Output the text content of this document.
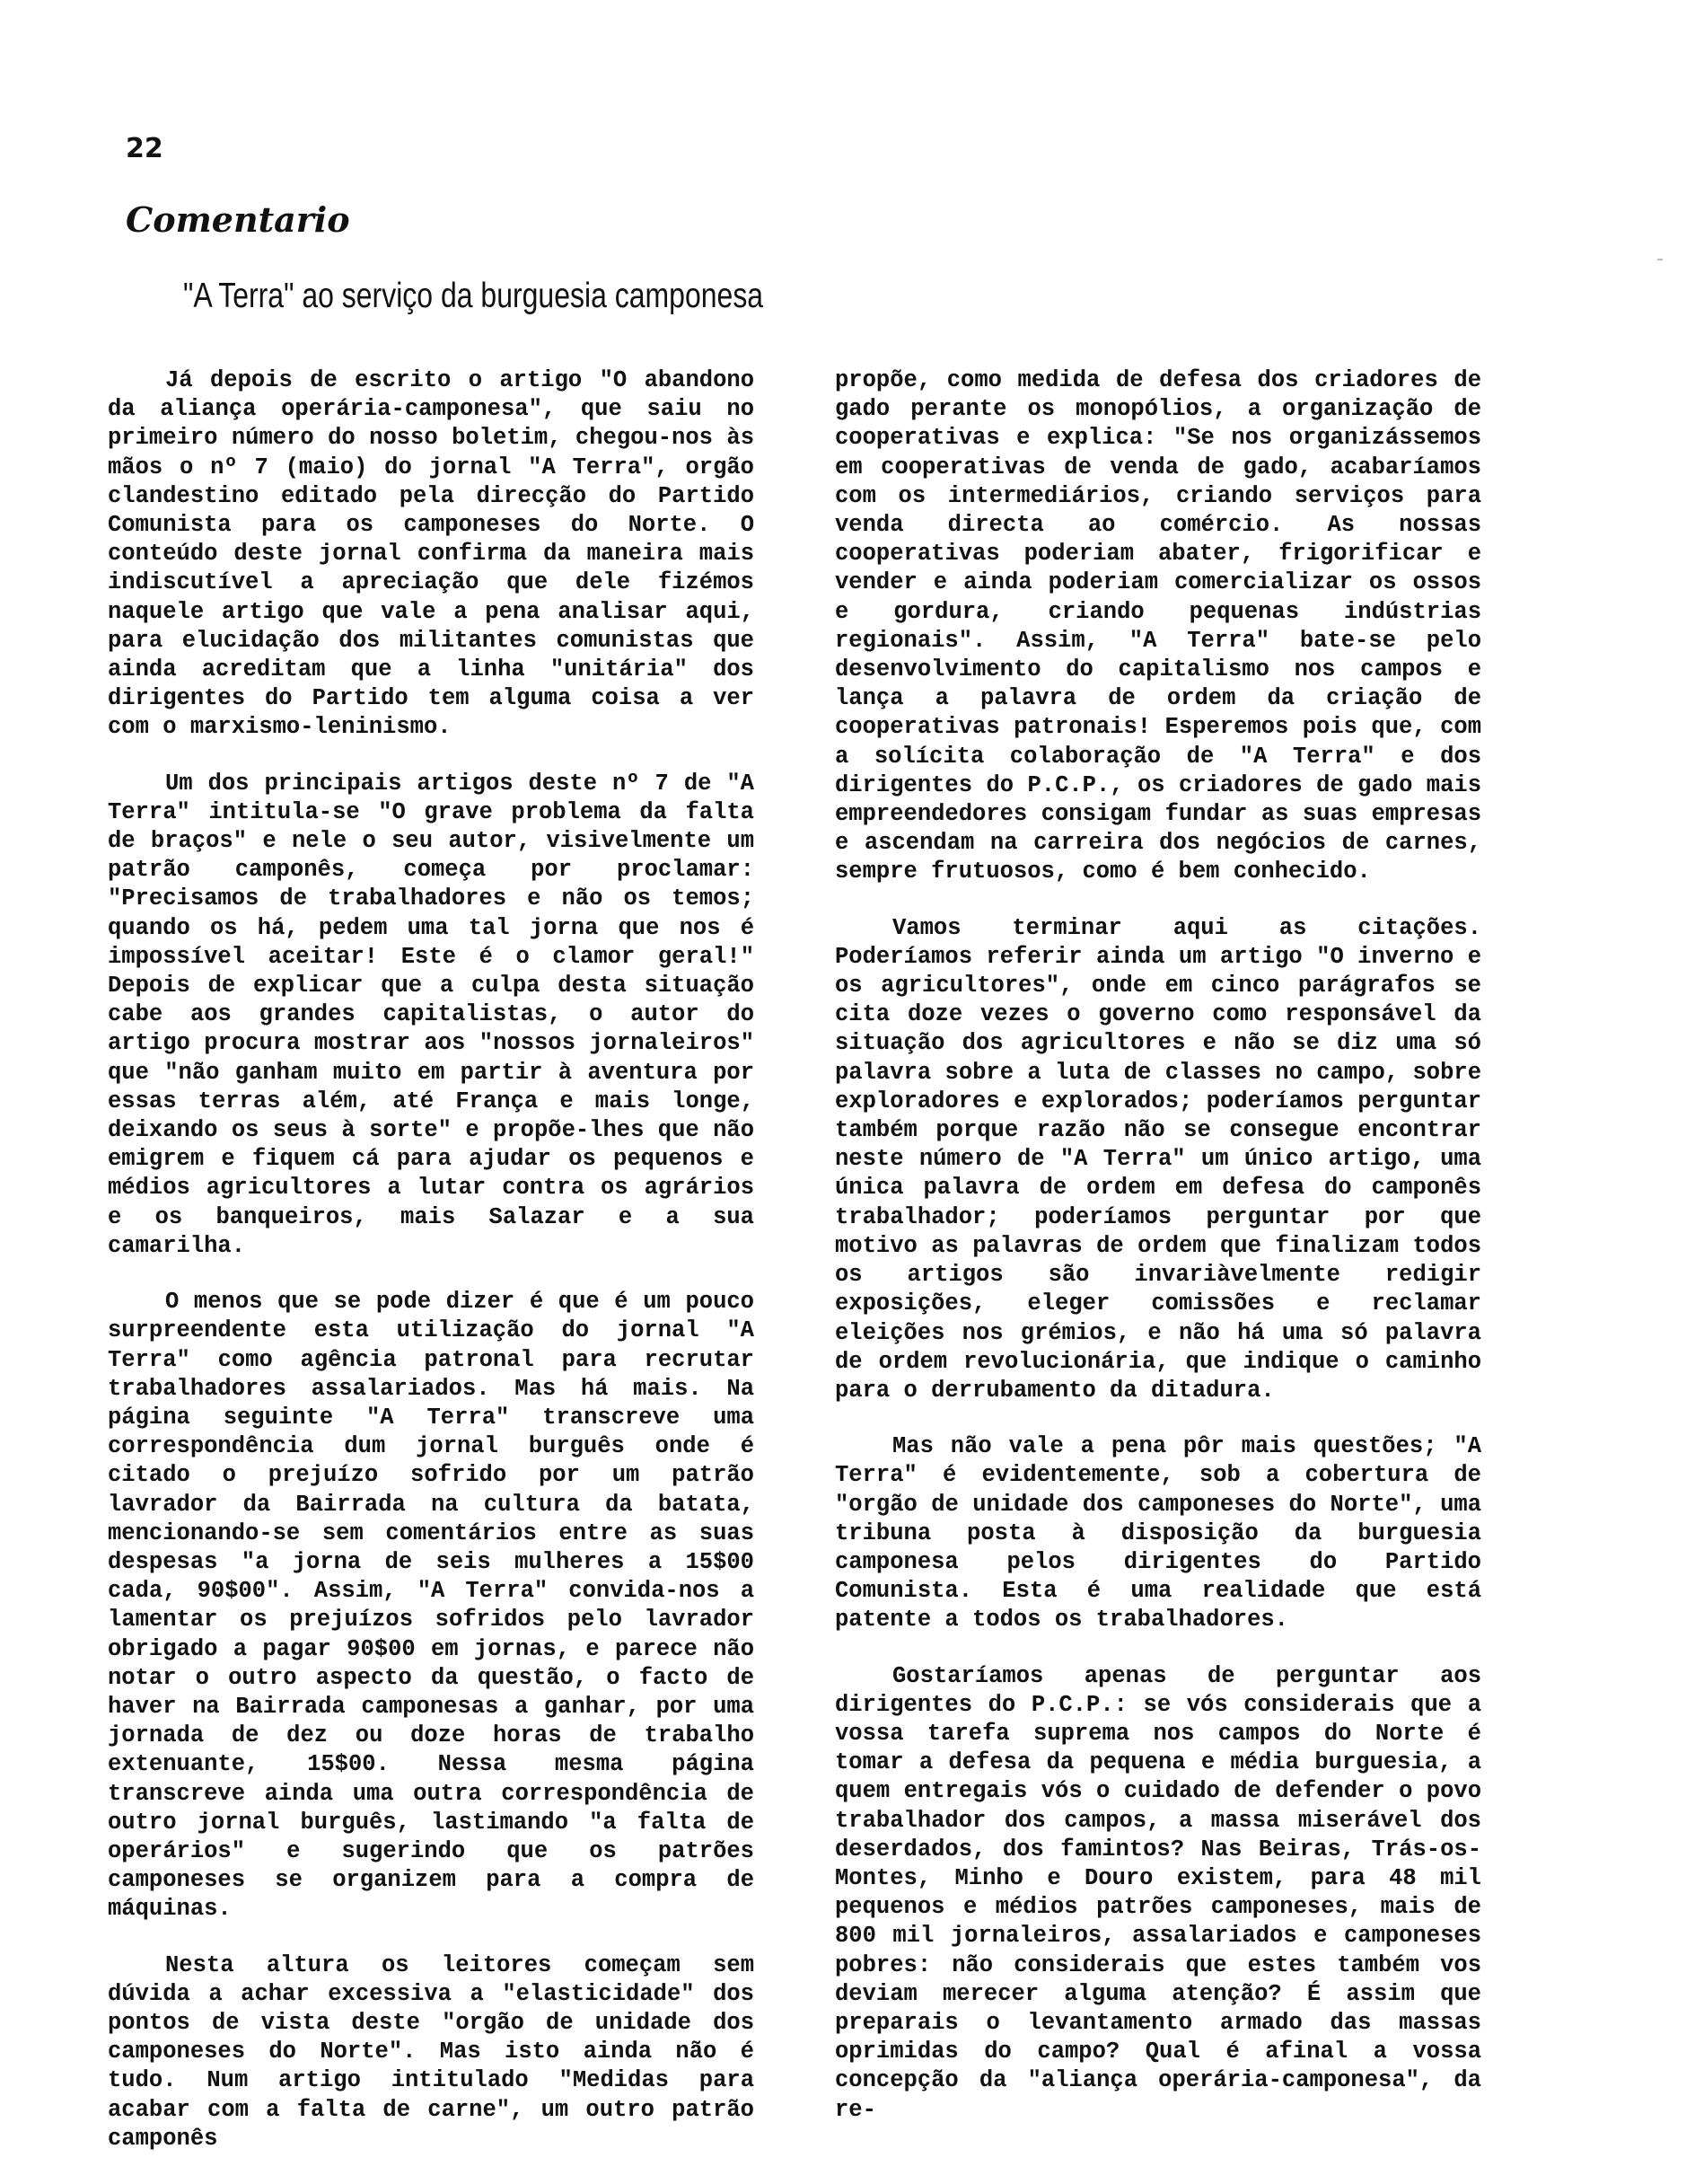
22
Comentario
"A Terra" ao serviço da burguesia camponesa

Já depois de escrito o artigo "O abandono da aliança operária-camponesa", que saiu no primeiro número do nosso boletim, chegou-nos às mãos o nº 7 (maio) do jornal "A Terra", orgão clandestino editado pela direcção do Partido Comunista para os camponeses do Norte. O conteúdo deste jornal confirma da maneira mais indiscutível a apreciação que dele fizémos naquele artigo que vale a pena analisar aqui, para elucidação dos militantes comunistas que ainda acreditam que a linha "unitária" dos dirigentes do Partido tem alguma coisa a ver com o marxismo-leninismo.

Um dos principais artigos deste nº 7 de "A Terra" intitula-se "O grave problema da falta de braços" e nele o seu autor, visivelmente um patrão camponês, começa por proclamar: "Precisamos de trabalhadores e não os temos; quando os há, pedem uma tal jorna que nos é impossível aceitar! Este é o clamor geral!" Depois de explicar que a culpa desta situação cabe aos grandes capitalistas, o autor do artigo procura mostrar aos "nossos jornaleiros" que "não ganham muito em partir à aventura por essas terras além, até França e mais longe, deixando os seus à sorte" e propõe-lhes que não emigrem e fiquem cá para ajudar os pequenos e médios agricultores a lutar contra os agrários e os banqueiros, mais Salazar e a sua camarilha.

O menos que se pode dizer é que é um pouco surpreendente esta utilização do jornal "A Terra" como agência patronal para recrutar trabalhadores assalariados. Mas há mais. Na página seguinte "A Terra" transcreve uma correspondência dum jornal burguês onde é citado o prejuízo sofrido por um patrão lavrador da Bairrada na cultura da batata, mencionando-se sem comentários entre as suas despesas "a jorna de seis mulheres a 15$00 cada, 90$00". Assim, "A Terra" convida-nos a lamentar os prejuízos sofridos pelo lavrador obrigado a pagar 90$00 em jornas, e parece não notar o outro aspecto da questão, o facto de haver na Bairrada camponesas a ganhar, por uma jornada de dez ou doze horas de trabalho extenuante, 15$00. Nessa mesma página transcreve ainda uma outra correspondência de outro jornal burguês, lastimando "a falta de operários" e sugerindo que os patrões camponeses se organizem para a compra de máquinas.

Nesta altura os leitores começam sem dúvida a achar excessiva a "elasticidade" dos pontos de vista deste "orgão de unidade dos camponeses do Norte". Mas isto ainda não é tudo. Num artigo intitulado "Medidas para acabar com a falta de carne", um outro patrão camponês

propõe, como medida de defesa dos criadores de gado perante os monopólios, a organização de cooperativas e explica: "Se nos organizássemos em cooperativas de venda de gado, acabaríamos com os intermediários, criando serviços para venda directa ao comércio. As nossas cooperativas poderiam abater, frigorificar e vender e ainda poderiam comercializar os ossos e gordura, criando pequenas indústrias regionais". Assim, "A Terra" bate-se pelo desenvolvimento do capitalismo nos campos e lança a palavra de ordem da criação de cooperativas patronais! Esperemos pois que, com a solícita colaboração de "A Terra" e dos dirigentes do P.C.P., os criadores de gado mais empreendedores consigam fundar as suas empresas e ascendam na carreira dos negócios de carnes, sempre frutuosos, como é bem conhecido.

Vamos terminar aqui as citações. Poderíamos referir ainda um artigo "O inverno e os agricultores", onde em cinco parágrafos se cita doze vezes o governo como responsável da situação dos agricultores e não se diz uma só palavra sobre a luta de classes no campo, sobre exploradores e explorados; poderíamos perguntar também porque razão não se consegue encontrar neste número de "A Terra" um único artigo, uma única palavra de ordem em defesa do camponês trabalhador; poderíamos perguntar por que motivo as palavras de ordem que finalizam todos os artigos são invariàvelmente redigir exposições, eleger comissões e reclamar eleições nos grémios, e não há uma só palavra de ordem revolucionária, que indique o caminho para o derrubamento da ditadura.

Mas não vale a pena pôr mais questões; "A Terra" é evidentemente, sob a cobertura de "orgão de unidade dos camponeses do Norte", uma tribuna posta à disposição da burguesia camponesa pelos dirigentes do Partido Comunista. Esta é uma realidade que está patente a todos os trabalhadores.

Gostaríamos apenas de perguntar aos dirigentes do P.C.P.: se vós considerais que a vossa tarefa suprema nos campos do Norte é tomar a defesa da pequena e média burguesia, a quem entregais vós o cuidado de defender o povo trabalhador dos campos, a massa miserável dos deserdados, dos famintos? Nas Beiras, Trás-os-Montes, Minho e Douro existem, para 48 mil pequenos e médios patrões camponeses, mais de 800 mil jornaleiros, assalariados e camponeses pobres: não considerais que estes também vos deviam merecer alguma atenção? É assim que preparais o levantamento armado das massas oprimidas do campo? Qual é afinal a vossa concepção da "aliança operária-camponesa", da re-
